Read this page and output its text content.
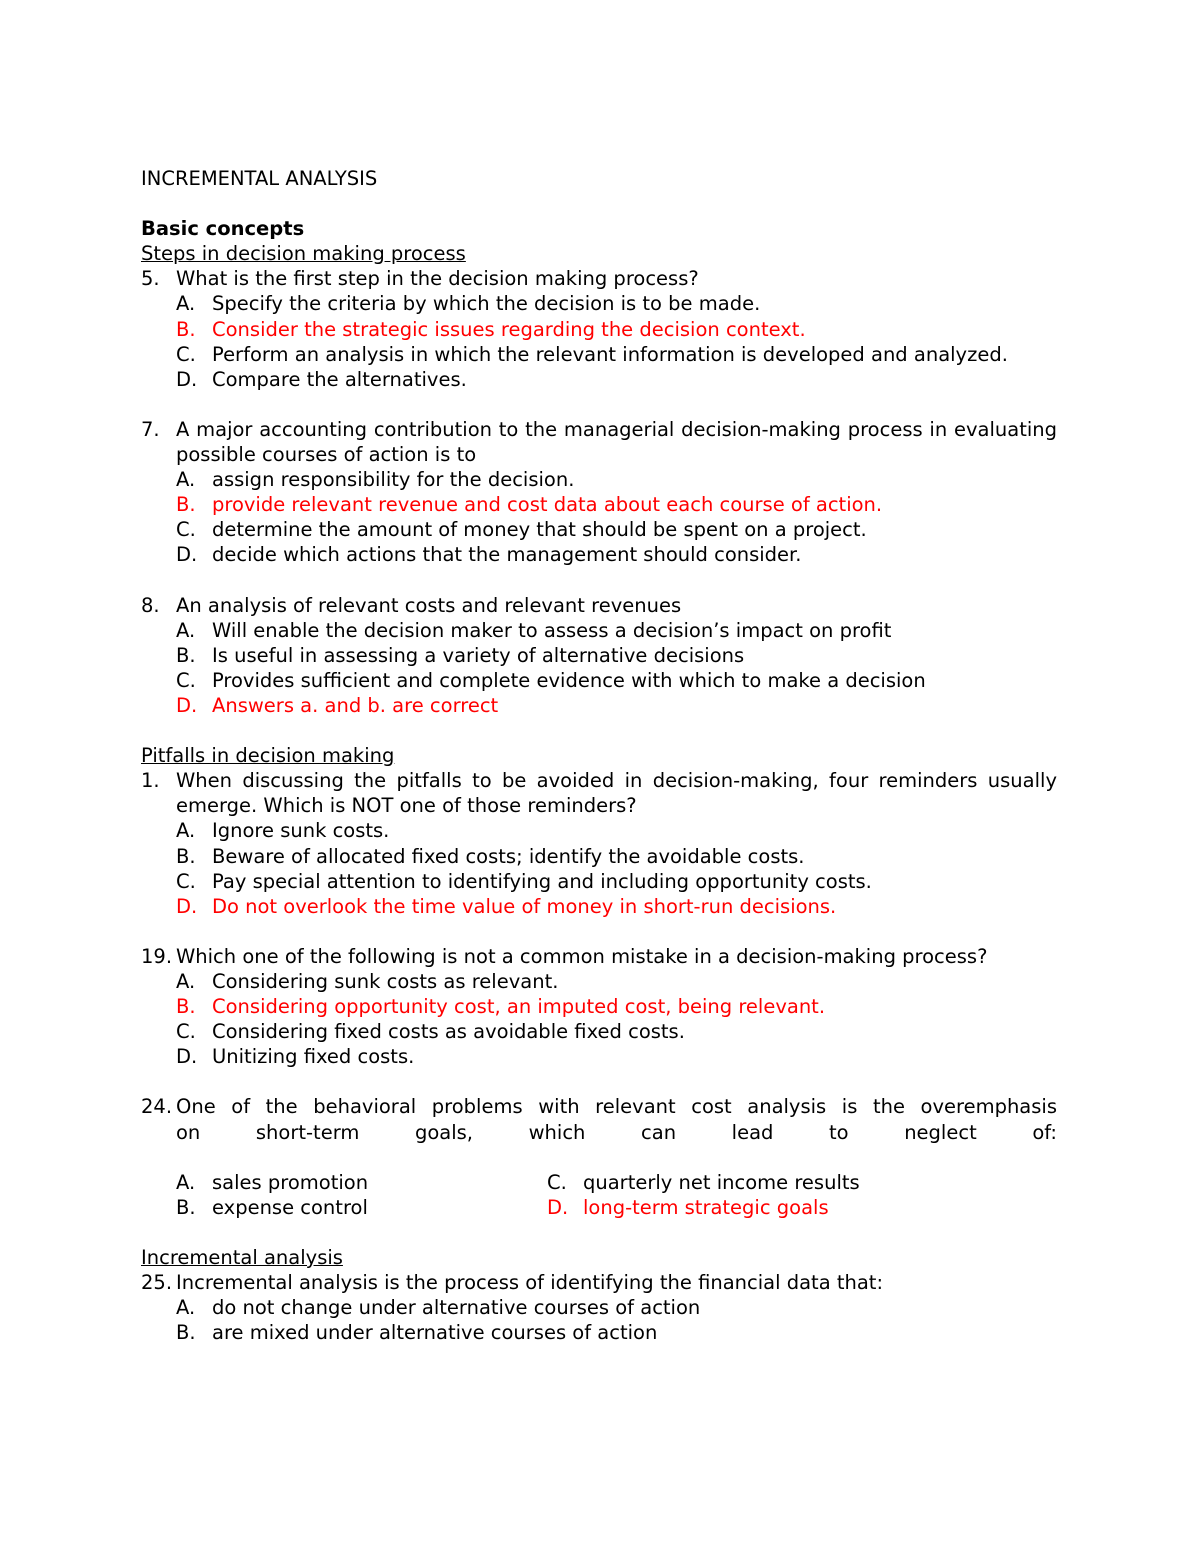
INCREMENTAL ANALYSIS
Basic concepts
Steps in decision making process
5. What is the first step in the decision making process?
A. Specify the criteria by which the decision is to be made.
B. Consider the strategic issues regarding the decision context.
C. Perform an analysis in which the relevant information is developed and analyzed.
D. Compare the alternatives.
7. A major accounting contribution to the managerial decision-making process in evaluating possible courses of action is to
A. assign responsibility for the decision.
B. provide relevant revenue and cost data about each course of action.
C. determine the amount of money that should be spent on a project.
D. decide which actions that the management should consider.
8. An analysis of relevant costs and relevant revenues
A. Will enable the decision maker to assess a decision’s impact on profit
B. Is useful in assessing a variety of alternative decisions
C. Provides sufficient and complete evidence with which to make a decision
D. Answers a. and b. are correct
Pitfalls in decision making
1. When discussing the pitfalls to be avoided in decision-making, four reminders usually emerge. Which is NOT one of those reminders?
A. Ignore sunk costs.
B. Beware of allocated fixed costs; identify the avoidable costs.
C. Pay special attention to identifying and including opportunity costs.
D. Do not overlook the time value of money in short-run decisions.
19. Which one of the following is not a common mistake in a decision-making process?
A. Considering sunk costs as relevant.
B. Considering opportunity cost, an imputed cost, being relevant.
C. Considering fixed costs as avoidable fixed costs.
D. Unitizing fixed costs.
24. One of the behavioral problems with relevant cost analysis is the overemphasis
on short-term goals, which can lead to neglect of:
A. sales promotion
B. expense control
C. quarterly net income results
D. long-term strategic goals
Incremental analysis
25. Incremental analysis is the process of identifying the financial data that:
A. do not change under alternative courses of action
B. are mixed under alternative courses of action
